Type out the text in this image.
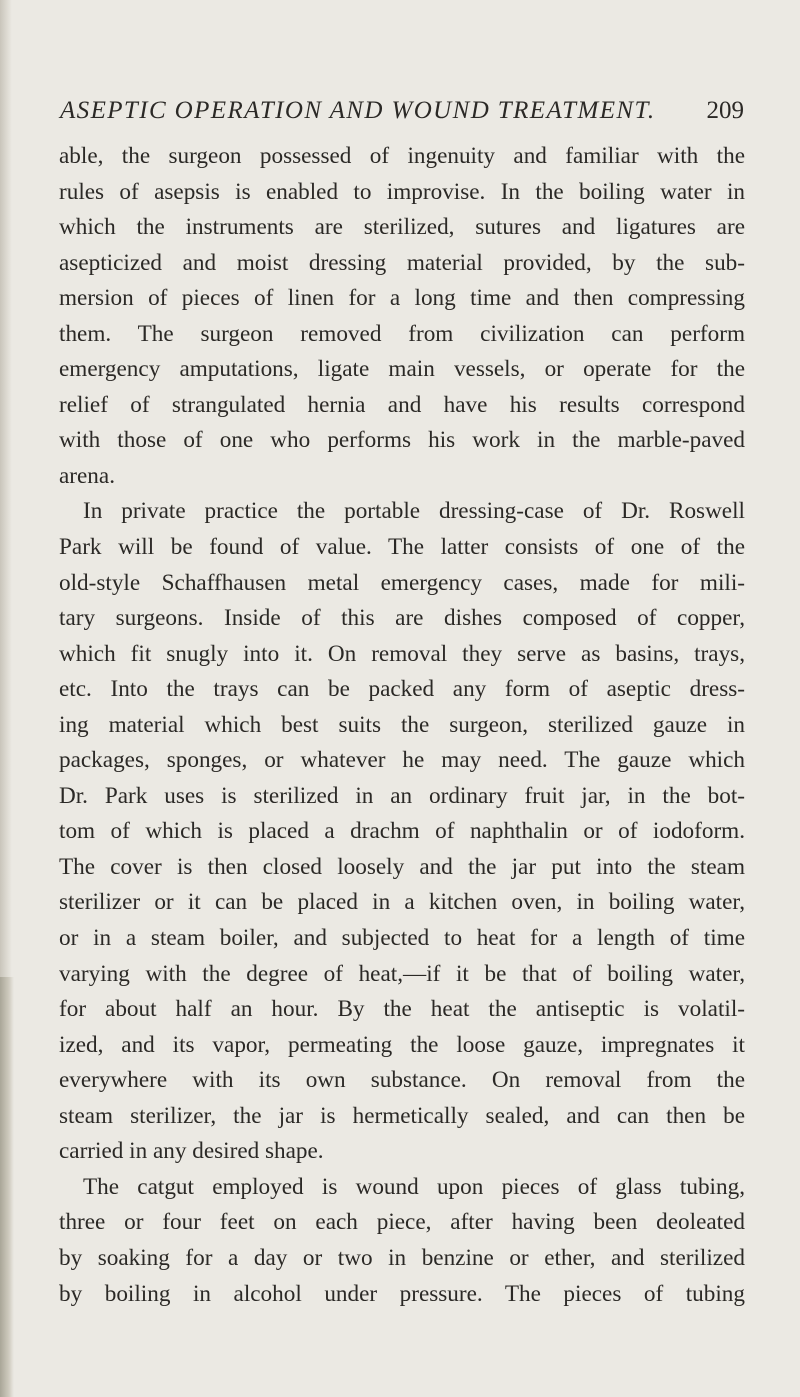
ASEPTIC OPERATION AND WOUND TREATMENT. 209
able, the surgeon possessed of ingenuity and familiar with the
rules of asepsis is enabled to improvise. In the boiling water in
which the instruments are sterilized, sutures and ligatures are
asepticized and moist dressing material provided, by the sub-
mersion of pieces of linen for a long time and then compressing
them. The surgeon removed from civilization can perform
emergency amputations, ligate main vessels, or operate for the
relief of strangulated hernia and have his results correspond
with those of one who performs his work in the marble-paved
arena.
In private practice the portable dressing-case of Dr. Roswell
Park will be found of value. The latter consists of one of the
old-style Schaffhausen metal emergency cases, made for mili-
tary surgeons. Inside of this are dishes composed of copper,
which fit snugly into it. On removal they serve as basins, trays,
etc. Into the trays can be packed any form of aseptic dress-
ing material which best suits the surgeon, sterilized gauze in
packages, sponges, or whatever he may need. The gauze which
Dr. Park uses is sterilized in an ordinary fruit jar, in the bot-
tom of which is placed a drachm of naphthalin or of iodoform.
The cover is then closed loosely and the jar put into the steam
sterilizer or it can be placed in a kitchen oven, in boiling water,
or in a steam boiler, and subjected to heat for a length of time
varying with the degree of heat,—if it be that of boiling water,
for about half an hour. By the heat the antiseptic is volatil-
ized, and its vapor, permeating the loose gauze, impregnates it
everywhere with its own substance. On removal from the
steam sterilizer, the jar is hermetically sealed, and can then be
carried in any desired shape.
The catgut employed is wound upon pieces of glass tubing,
three or four feet on each piece, after having been deoleated
by soaking for a day or two in benzine or ether, and sterilized
by boiling in alcohol under pressure. The pieces of tubing
